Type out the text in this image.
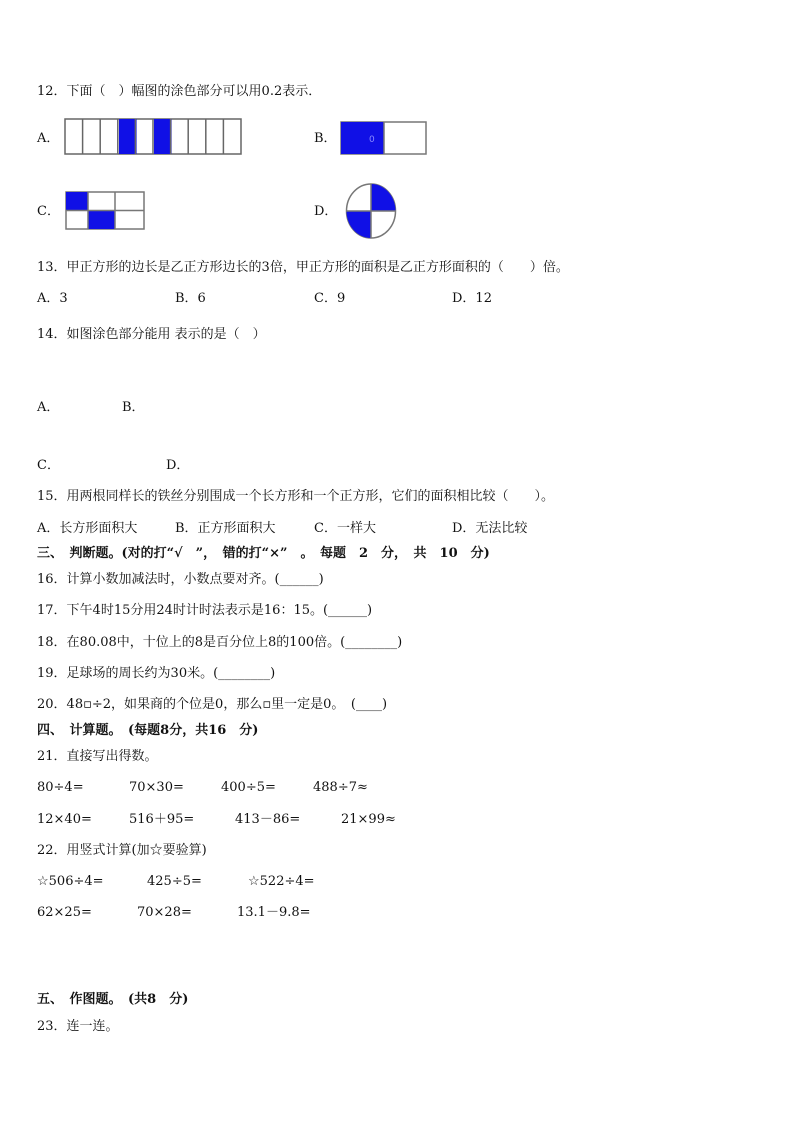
12．下面（　）幅图的涂色部分可以用0.2表示．
A．	B．	0
C．	D．
13．甲正方形的边长是乙正方形边长的3倍，甲正方形的面积是乙正方形面积的（　　）倍。
A．3	B．6	C．9	D．12
14．如图涂色部分能用 表示的是（　）
A．	B．
C．	D．
15．用两根同样长的铁丝分别围成一个长方形和一个正方形，它们的面积相比较（　　）。
A．长方形面积大	B．正方形面积大	C．一样大	D．无法比较
三、　判断题。(对的打“√　”，　错的打“×”　。　每题　2　分，　共　10　分)
16．计算小数加减法时，小数点要对齐。(______)
17．下午4时15分用24时计时法表示是16：15。(______)
18．在80.08中，十位上的8是百分位上8的100倍。(________)
19．足球场的周长约为30米。(________)
20．48▫÷2，如果商的个位是0，那么▫里一定是0。　(____)
四、　计算题。　(每题8分，共16　分)
21．直接写出得数。
80÷4=	70×30=	400÷5=	488÷7≈
12×40=	516＋95=	413－86=	21×99≈
22．用竖式计算(加☆要验算)
☆506÷4=	425÷5=	☆522÷4=
62×25=	70×28=	13.1－9.8=
五、　作图题。　(共8　分)
23．连一连。
